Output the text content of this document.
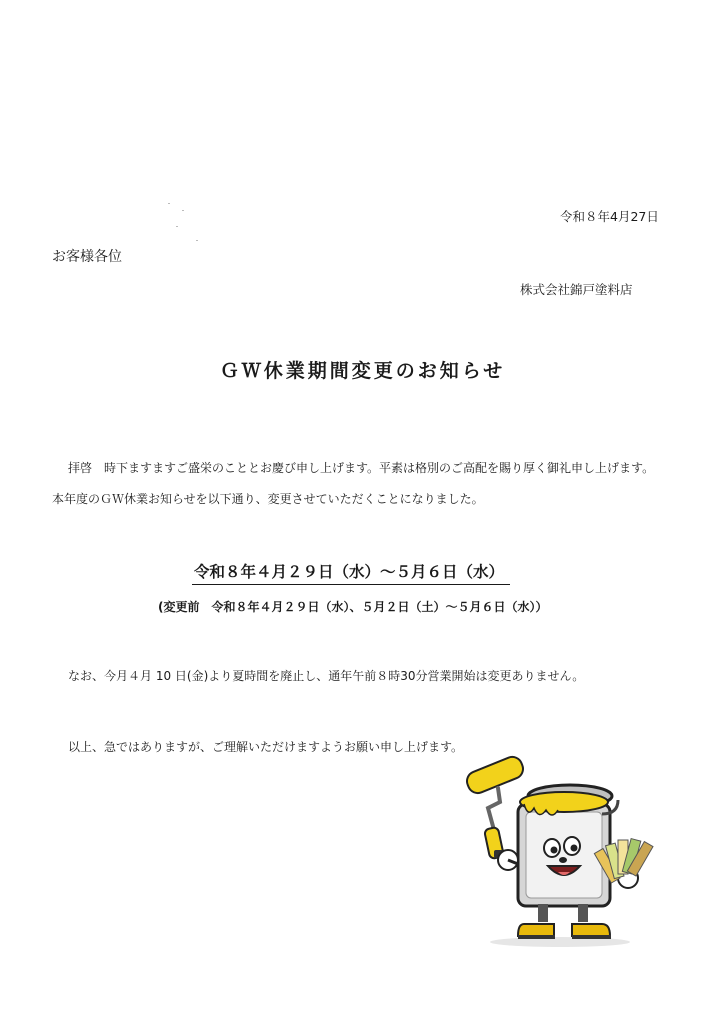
令和８年4月27日
お客様各位
株式会社錦戸塗料店
ＧＷ休業期間変更のお知らせ
拝啓　時下ますますご盛栄のこととお慶び申し上げます。平素は格別のご高配を賜り厚く御礼申し上げます。
本年度のＧＷ休業お知らせを以下通り、変更させていただくことになりました。
令和８年４月２９日（水）～５月６日（水）
(変更前　令和８年４月２９日（水）、５月２日（土）～５月６日（水））
なお、今月４月 10 日(金)より夏時間を廃止し、通年午前８時30分営業開始は変更ありません。
以上、急ではありますが、ご理解いただけますようお願い申し上げます。
